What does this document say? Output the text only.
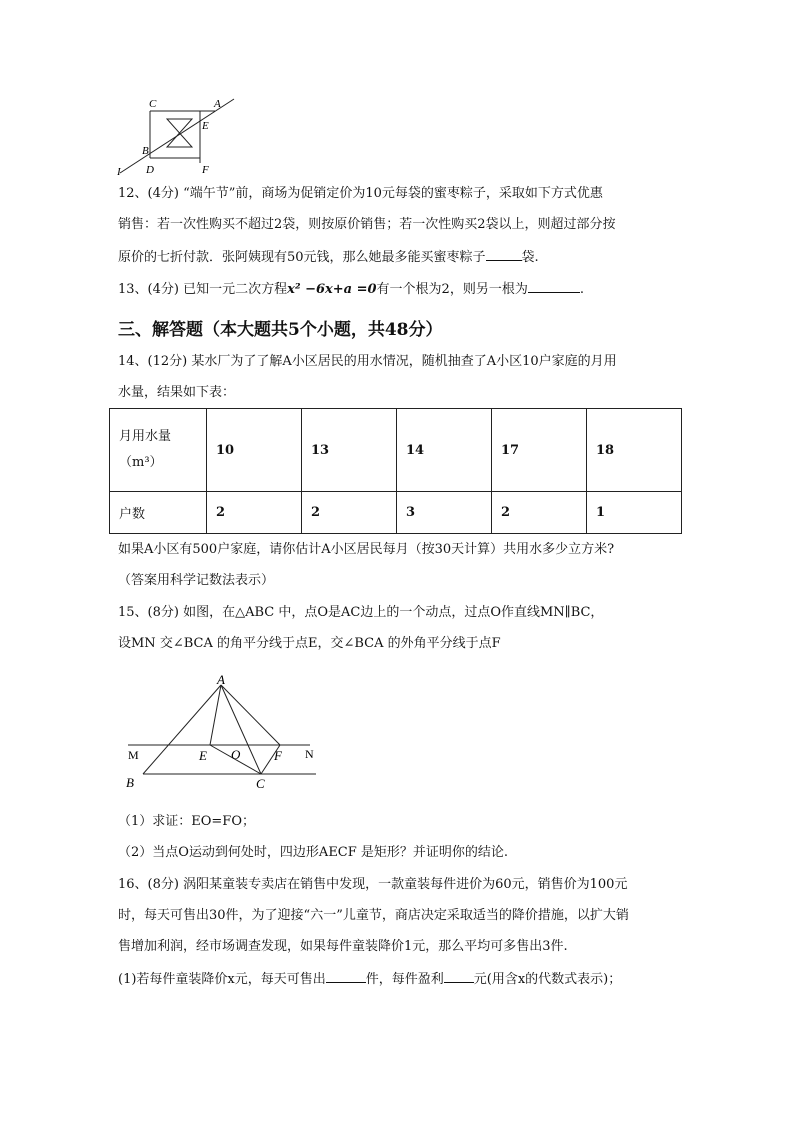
C	A
E
B
I D	F
12、(4分) “端午节”前，商场为促销定价为10元每袋的蜜枣粽子，采取如下方式优惠
销售：若一次性购买不超过2袋，则按原价销售；若一次性购买2袋以上，则超过部分按
原价的七折付款．张阿姨现有50元钱，那么她最多能买蜜枣粽子	袋.
13、(4分) 已知一元二次方程x² −6x+a =0有一个根为2，则另一根为	.
三、解答题（本大题共5个小题，共48分）
14、(12分) 某水厂为了了解A小区居民的用水情况，随机抽查了A小区10户家庭的月用
水量，结果如下表：
月用水量
（m³）	10	13	14	17	18
户数	2	2	3	2	1
如果A小区有500户家庭，请你估计A小区居民每月（按30天计算）共用水多少立方米?
（答案用科学记数法表示）
15、(8分) 如图，在△ABC 中，点O是AC边上的一个动点，过点O作直线MN∥BC，
设MN 交∠BCA 的角平分线于点E，交∠BCA 的外角平分线于点F
A
M	E O	F N
B	C
（1）求证：EO=FO；
（2）当点O运动到何处时，四边形AECF 是矩形？并证明你的结论.
16、(8分) 涡阳某童装专卖店在销售中发现，一款童装每件进价为60元，销售价为100元
时，每天可售出30件，为了迎接“六一”儿童节，商店决定采取适当的降价措施，以扩大销
售增加利润，经市场调查发现，如果每件童装降价1元，那么平均可多售出3件.
(1)若每件童装降价x元，每天可售出	件，每件盈利 元(用含x的代数式表示)；
